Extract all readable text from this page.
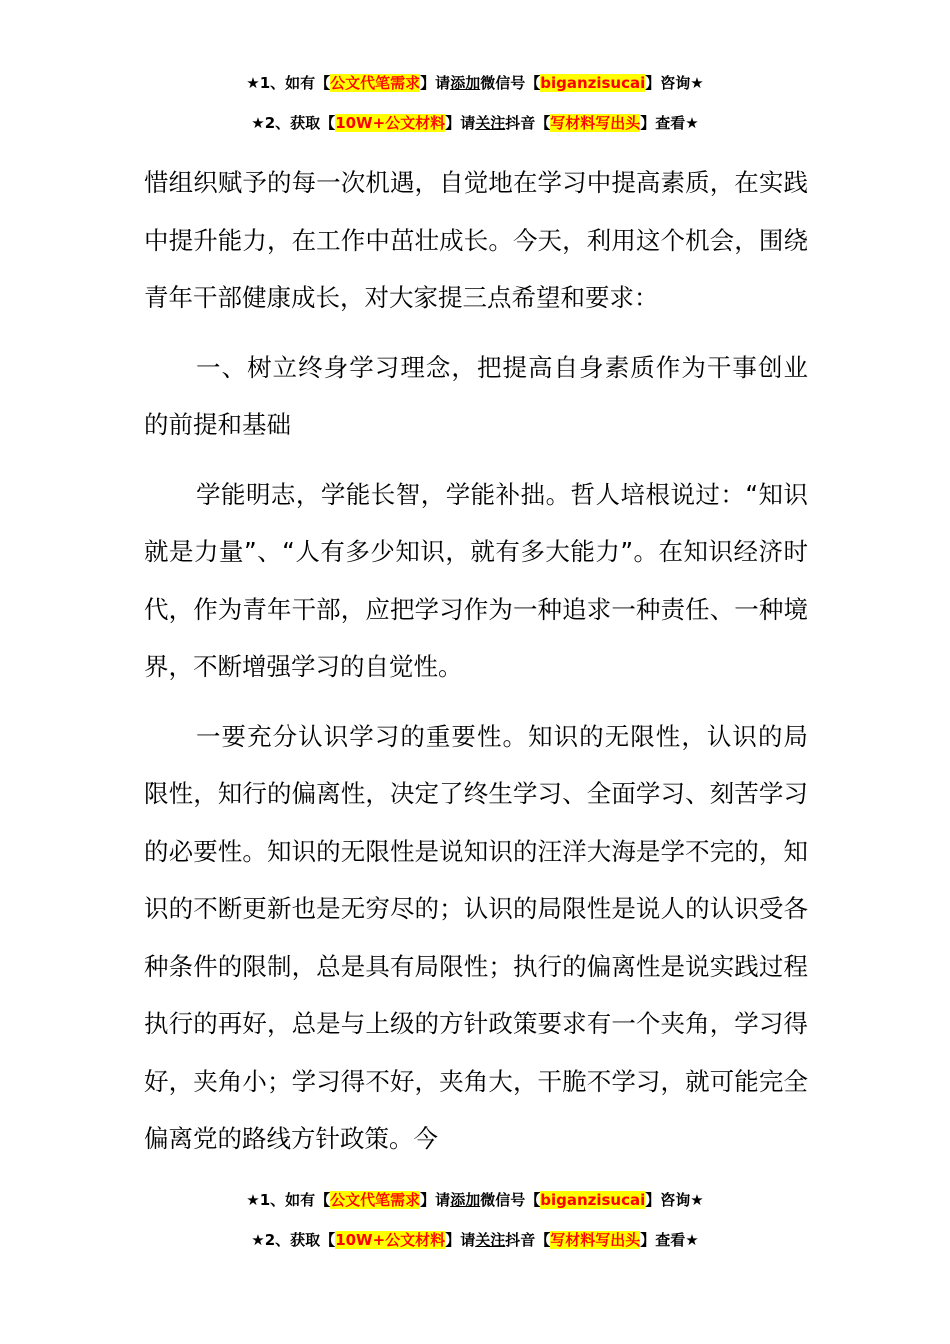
★1、如有【公文代笔需求】请添加微信号【biganzisucai】咨询★
★2、获取【10W+公文材料】请关注抖音【写材料写出头】查看★

惜组织赋予的每一次机遇，自觉地在学习中提高素质，在实践中提升能力，在工作中茁壮成长。今天，利用这个机会，围绕青年干部健康成长，对大家提三点希望和要求：

一、树立终身学习理念，把提高自身素质作为干事创业的前提和基础

学能明志，学能长智，学能补拙。哲人培根说过：“知识就是力量”、“人有多少知识，就有多大能力”。在知识经济时代，作为青年干部，应把学习作为一种追求一种责任、一种境界，不断增强学习的自觉性。

一要充分认识学习的重要性。知识的无限性，认识的局限性，知行的偏离性，决定了终生学习、全面学习、刻苦学习的必要性。知识的无限性是说知识的汪洋大海是学不完的，知识的不断更新也是无穷尽的；认识的局限性是说人的认识受各种条件的限制，总是具有局限性；执行的偏离性是说实践过程执行的再好，总是与上级的方针政策要求有一个夹角，学习得好，夹角小；学习得不好，夹角大，干脆不学习，就可能完全偏离党的路线方针政策。今

★1、如有【公文代笔需求】请添加微信号【biganzisucai】咨询★
★2、获取【10W+公文材料】请关注抖音【写材料写出头】查看★
